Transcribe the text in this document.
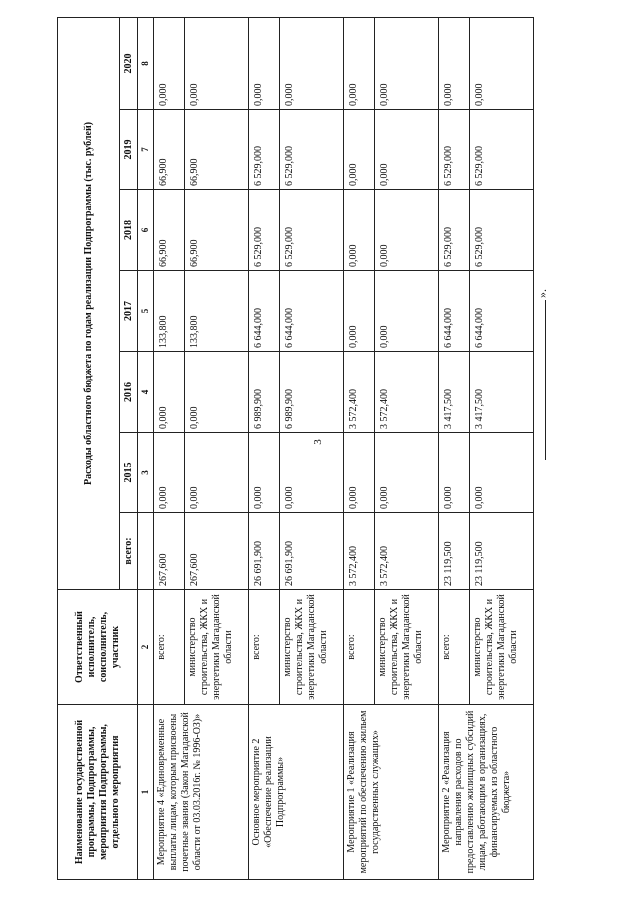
3
Наименование государственной программы, Подпрограммы, мероприятия Подпрограммы, отдельного мероприятия	Ответственный исполнитель, соисполнитель, участник	Расходы областного бюджета по годам реализации Подпрограммы (тыс. рублей)						
		всего:	2015	2016	2017	2018	2019	2020
1	2		3	4	5	6	7	8
Мероприятие 4 «Единовременные выплаты лицам, которым присвоены почетные звания (Закон Магаданской области от 03.03.2016г. № 1996-ОЗ)»	всего:	267,600	0,000	0,000	133,800	66,900	66,900	0,000
	министерство строительства, ЖКХ и энергетики Магаданской области	267,600	0,000	0,000	133,800	66,900	66,900	0,000
Основное мероприятие 2 «Обеспечение реализации Подпрограммы»	всего:	26 691,900	0,000	6 989,900	6 644,000	6 529,000	6 529,000	0,000
	министерство строительства, ЖКХ и энергетики Магаданской области	26 691,900	0,000	6 989,900	6 644,000	6 529,000	6 529,000	0,000
Мероприятие 1 «Реализация мероприятий по обеспечению жильем государственных служащих»	всего:	3 572,400	0,000	3 572,400	0,000	0,000	0,000	0,000
	министерство строительства, ЖКХ и энергетики Магаданской области	3 572,400	0,000	3 572,400	0,000	0,000	0,000	0,000
Мероприятие 2 «Реализация направления расходов по предоставлению жилищных субсидий лицам, работающим в организациях, финансируемых из областного бюджета»	всего:	23 119,500	0,000	3 417,500	6 644,000	6 529,000	6 529,000	0,000
	министерство строительства, ЖКХ и энергетики Магаданской области	23 119,500	0,000	3 417,500	6 644,000	6 529,000	6 529,000	0,000
».
